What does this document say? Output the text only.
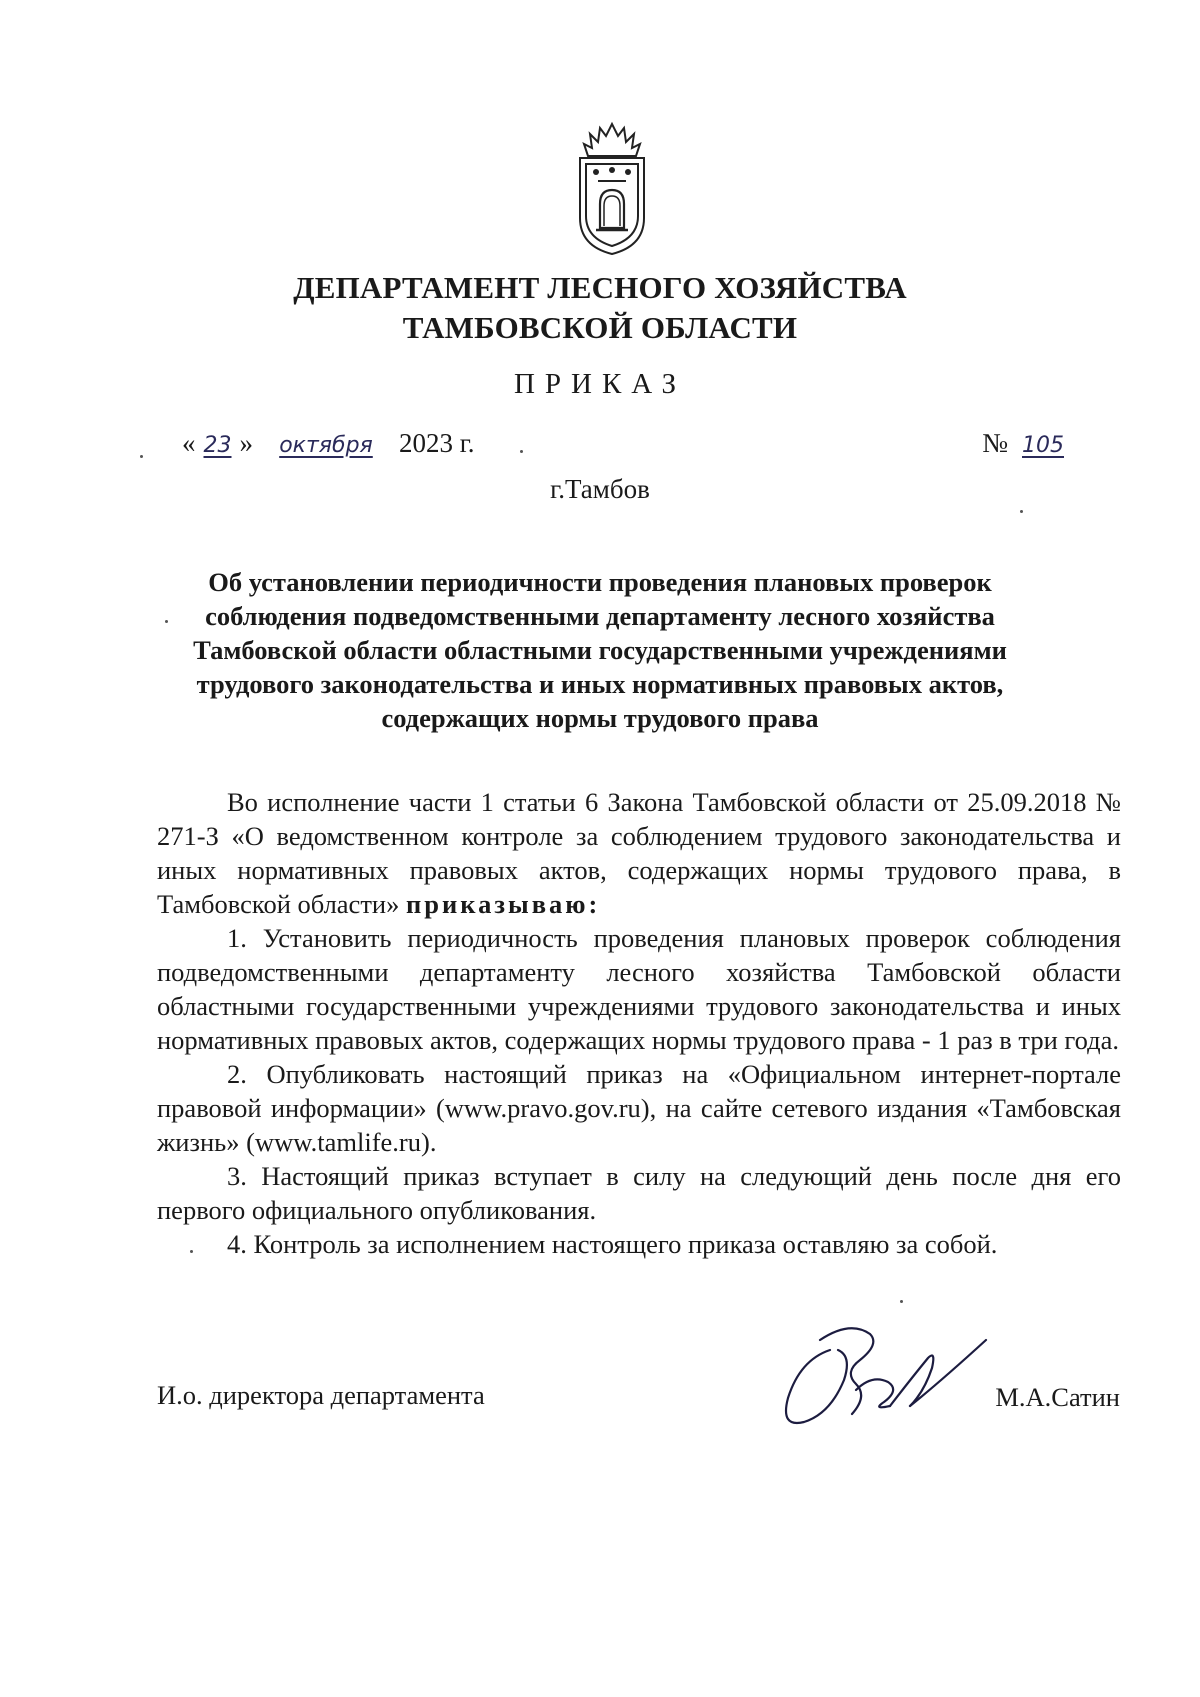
ДЕПАРТАМЕНТ ЛЕСНОГО ХОЗЯЙСТВА
ТАМБОВСКОЙ ОБЛАСТИ
ПРИКАЗ
« 23 » октября 2023 г.	№ 105
г.Тамбов
Об установлении периодичности проведения плановых проверок соблюдения подведомственными департаменту лесного хозяйства Тамбовской области областными государственными учреждениями трудового законодательства и иных нормативных правовых актов, содержащих нормы трудового права

Во исполнение части 1 статьи 6 Закона Тамбовской области от 25.09.2018 № 271-З «О ведомственном контроле за соблюдением трудового законодательства и иных нормативных правовых актов, содержащих нормы трудового права, в Тамбовской области» приказываю:

1. Установить периодичность проведения плановых проверок соблюдения подведомственными департаменту лесного хозяйства Тамбовской области областными государственными учреждениями трудового законодательства и иных нормативных правовых актов, содержащих нормы трудового права - 1 раз в три года.

2. Опубликовать настоящий приказ на «Официальном интернет-портале правовой информации» (www.pravo.gov.ru), на сайте сетевого издания «Тамбовская жизнь» (www.tamlife.ru).

3. Настоящий приказ вступает в силу на следующий день после дня его первого официального опубликования.

4. Контроль за исполнением настоящего приказа оставляю за собой.

И.о. директора департамента	М.А.Сатин
